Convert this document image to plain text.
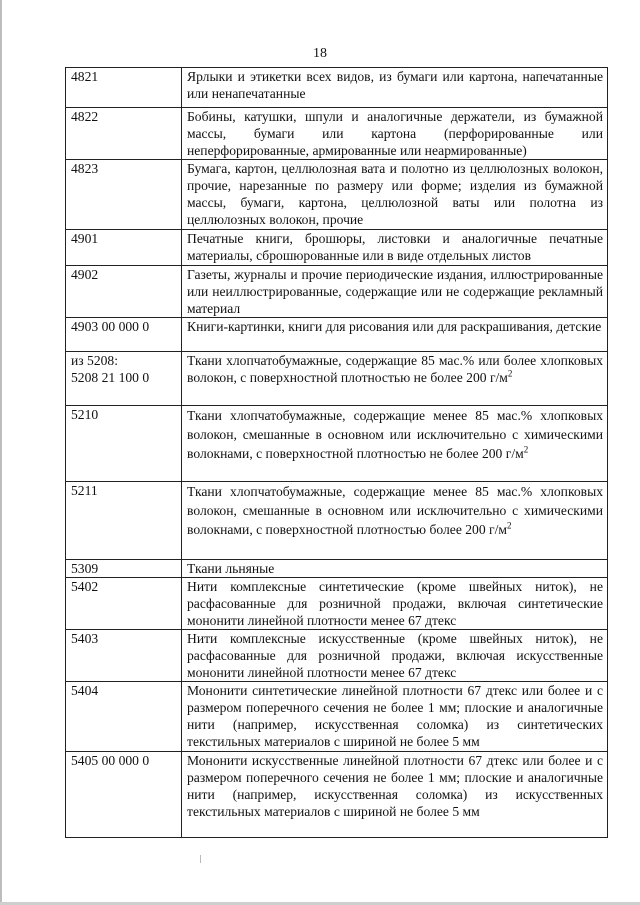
18
4821	Ярлыки и этикетки всех видов, из бумаги или картона, напечатанные или ненапечатанные
4822	Бобины, катушки, шпули и аналогичные держатели, из бумажной массы, бумаги или картона (перфорированные или неперфорированные, армированные или неармированные)
4823	Бумага, картон, целлюлозная вата и полотно из целлюлозных волокон, прочие, нарезанные по размеру или форме; изделия из бумажной массы, бумаги, картона, целлюлозной ваты или полотна из целлюлозных волокон, прочие
4901	Печатные книги, брошюры, листовки и аналогичные печатные материалы, сброшюрованные или в виде отдельных листов
4902	Газеты, журналы и прочие периодические издания, иллюстрированные или неиллюстрированные, содержащие или не содержащие рекламный материал
4903 00 000 0	Книги-картинки, книги для рисования или для раскрашивания, детские
из 5208:
5208 21 100 0	Ткани хлопчатобумажные, содержащие 85 мас.% или более хлопковых волокон, с поверхностной плотностью не более 200 $г/м^2$
5210	Ткани хлопчатобумажные, содержащие менее 85 мас.% хлопковых волокон, смешанные в основном или исключительно с химическими волокнами, с поверхностной плотностью не более 200 $г/м^2$
5211	Ткани хлопчатобумажные, содержащие менее 85 мас.% хлопковых волокон, смешанные в основном или исключительно с химическими волокнами, с поверхностной плотностью более 200 $г/м^2$
5309	Ткани льняные
5402	Нити комплексные синтетические (кроме швейных ниток), не расфасованные для розничной продажи, включая синтетические мононити линейной плотности менее 67 дтекс
5403	Нити комплексные искусственные (кроме швейных ниток), не расфасованные для розничной продажи, включая искусственные мононити линейной плотности менее 67 дтекс
5404	Мононити синтетические линейной плотности 67 дтекс или более и с размером поперечного сечения не более 1 мм; плоские и аналогичные нити (например, искусственная соломка) из синтетических текстильных материалов с шириной не более 5 мм
5405 00 000 0	Мононити искусственные линейной плотности 67 дтекс или более и с размером поперечного сечения не более 1 мм; плоские и аналогичные нити (например, искусственная соломка) из искусственных текстильных материалов с шириной не более 5 мм
